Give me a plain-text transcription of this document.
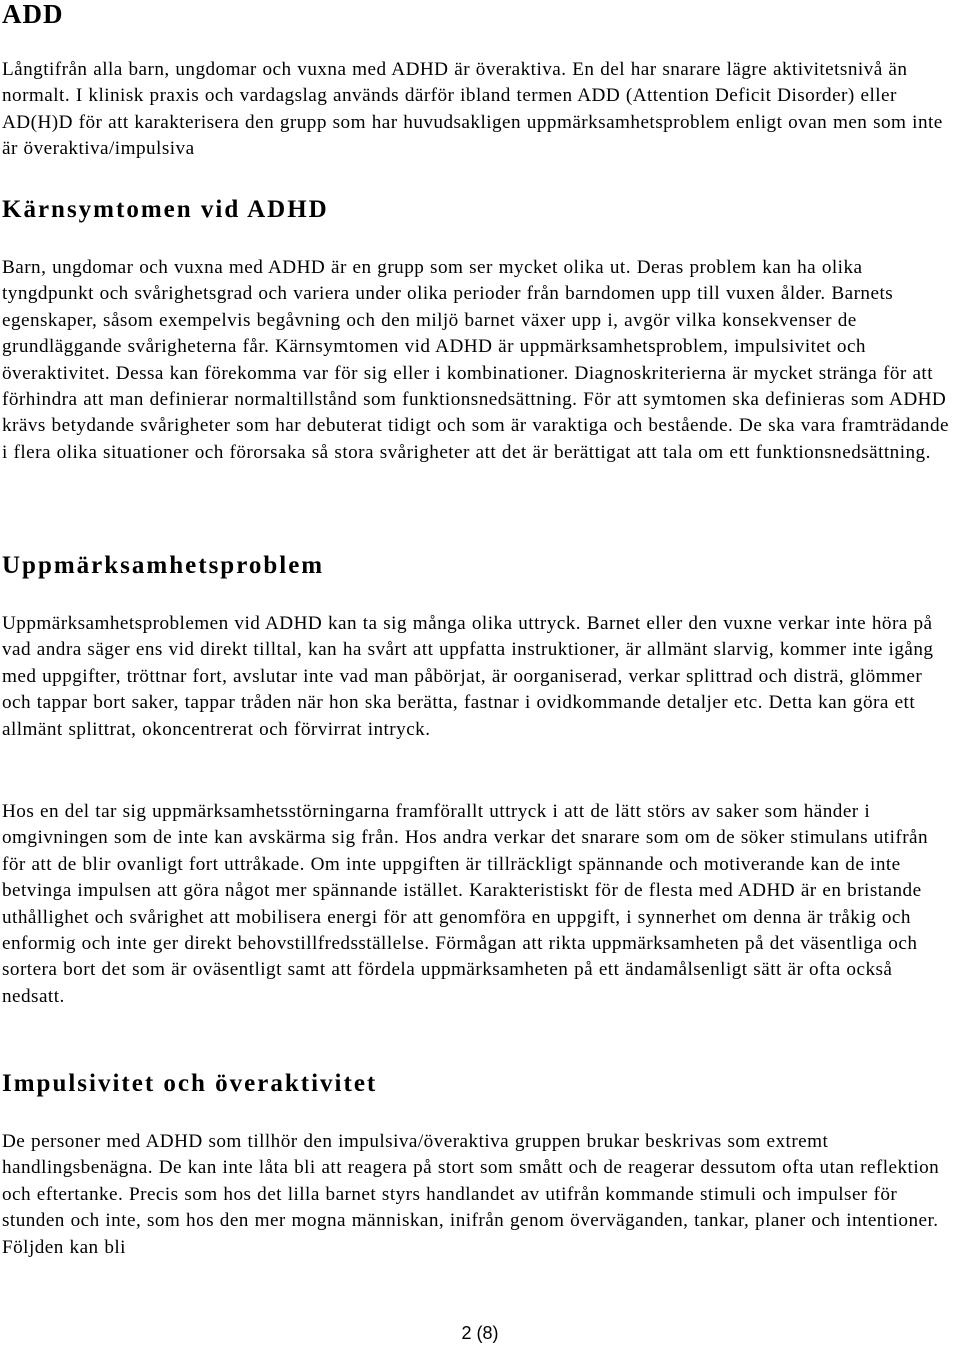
ADD

Långtifrån alla barn, ungdomar och vuxna med ADHD är överaktiva. En del har snarare lägre aktivitetsnivå än normalt. I klinisk praxis och vardagslag används därför ibland termen ADD (Attention Deficit Disorder) eller AD(H)D för att karakterisera den grupp som har huvudsakligen uppmärksamhetsproblem enligt ovan men som inte är överaktiva/impulsiva

Kärnsymtomen vid ADHD

Barn, ungdomar och vuxna med ADHD är en grupp som ser mycket olika ut. Deras problem kan ha olika tyngdpunkt och svårighetsgrad och variera under olika perioder från barndomen upp till vuxen ålder. Barnets egenskaper, såsom exempelvis begåvning och den miljö barnet växer upp i, avgör vilka konsekvenser de grundläggande svårigheterna får. Kärnsymtomen vid ADHD är uppmärksamhetsproblem, impulsivitet och överaktivitet. Dessa kan förekomma var för sig eller i kombinationer. Diagnoskriterierna är mycket stränga för att förhindra att man definierar normaltillstånd som funktionsnedsättning. För att symtomen ska definieras som ADHD krävs betydande svårigheter som har debuterat tidigt och som är varaktiga och bestående. De ska vara framträdande i flera olika situationer och förorsaka så stora svårigheter att det är berättigat att tala om ett funktionsnedsättning.

Uppmärksamhetsproblem

Uppmärksamhetsproblemen vid ADHD kan ta sig många olika uttryck. Barnet eller den vuxne verkar inte höra på vad andra säger ens vid direkt tilltal, kan ha svårt att uppfatta instruktioner, är allmänt slarvig, kommer inte igång med uppgifter, tröttnar fort, avslutar inte vad man påbörjat, är oorganiserad, verkar splittrad och disträ, glömmer och tappar bort saker, tappar tråden när hon ska berätta, fastnar i ovidkommande detaljer etc. Detta kan göra ett allmänt splittrat, okoncentrerat och förvirrat intryck.

Hos en del tar sig uppmärksamhetsstörningarna framförallt uttryck i att de lätt störs av saker som händer i omgivningen som de inte kan avskärma sig från. Hos andra verkar det snarare som om de söker stimulans utifrån för att de blir ovanligt fort uttråkade. Om inte uppgiften är tillräckligt spännande och motiverande kan de inte betvinga impulsen att göra något mer spännande istället. Karakteristiskt för de flesta med ADHD är en bristande uthållighet och svårighet att mobilisera energi för att genomföra en uppgift, i synnerhet om denna är tråkig och enformig och inte ger direkt behovstillfredsställelse. Förmågan att rikta uppmärksamheten på det väsentliga och sortera bort det som är oväsentligt samt att fördela uppmärksamheten på ett ändamålsenligt sätt är ofta också nedsatt.

Impulsivitet och överaktivitet

De personer med ADHD som tillhör den impulsiva/överaktiva gruppen brukar beskrivas som extremt handlingsbenägna. De kan inte låta bli att reagera på stort som smått och de reagerar dessutom ofta utan reflektion och eftertanke. Precis som hos det lilla barnet styrs handlandet av utifrån kommande stimuli och impulser för stunden och inte, som hos den mer mogna människan, inifrån genom överväganden, tankar, planer och intentioner. Följden kan bli

2 (8)
